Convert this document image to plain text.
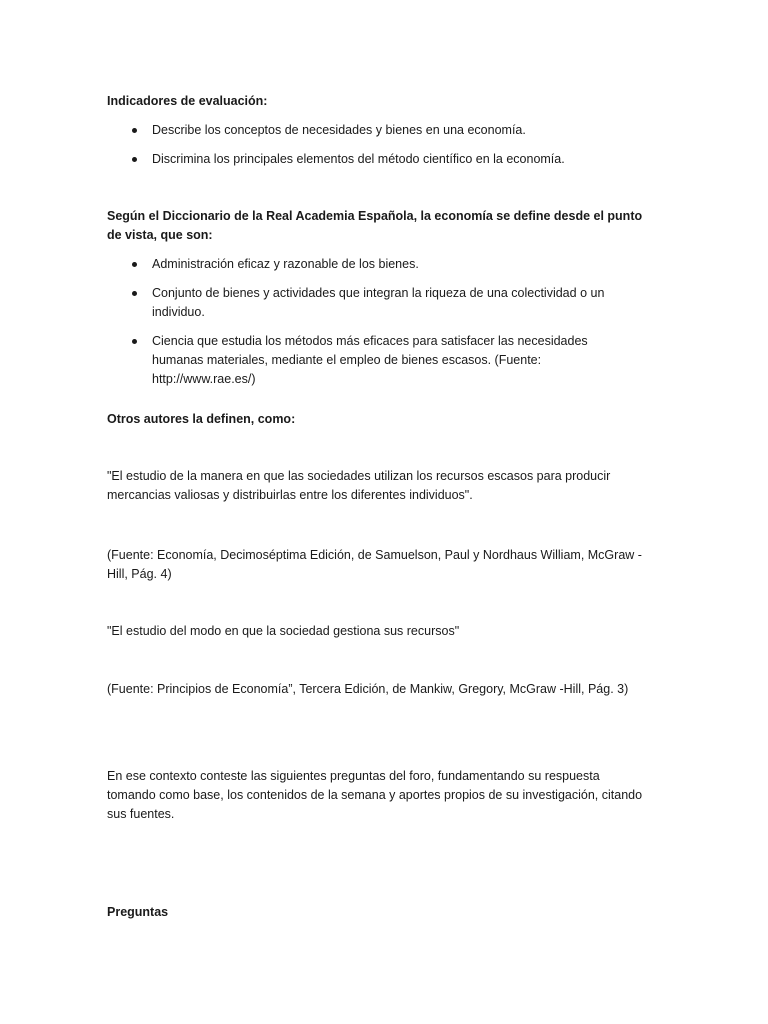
Indicadores de evaluación:

Describe los conceptos de necesidades y bienes en una economía.
Discrimina los principales elementos del método científico en la economía.

Según el Diccionario de la Real Academia Española, la economía se define desde el punto de vista, que son:

Administración eficaz y razonable de los bienes.
Conjunto de bienes y actividades que integran la riqueza de una colectividad o un individuo.
Ciencia que estudia los métodos más eficaces para satisfacer las necesidades humanas materiales, mediante el empleo de bienes escasos. (Fuente: http://www.rae.es/)

Otros autores la definen, como:

"El estudio de la manera en que las sociedades utilizan los recursos escasos para producir mercancias valiosas y distribuirlas entre los diferentes individuos".

(Fuente: Economía, Decimoséptima Edición, de Samuelson, Paul y Nordhaus William, McGraw - Hill, Pág. 4)

"El estudio del modo en que la sociedad gestiona sus recursos"

(Fuente: Principios de Economía”, Tercera Edición, de Mankiw, Gregory, McGraw -Hill, Pág. 3)

En ese contexto conteste las siguientes preguntas del foro, fundamentando su respuesta tomando como base, los contenidos de la semana y aportes propios de su investigación, citando sus fuentes.

Preguntas
